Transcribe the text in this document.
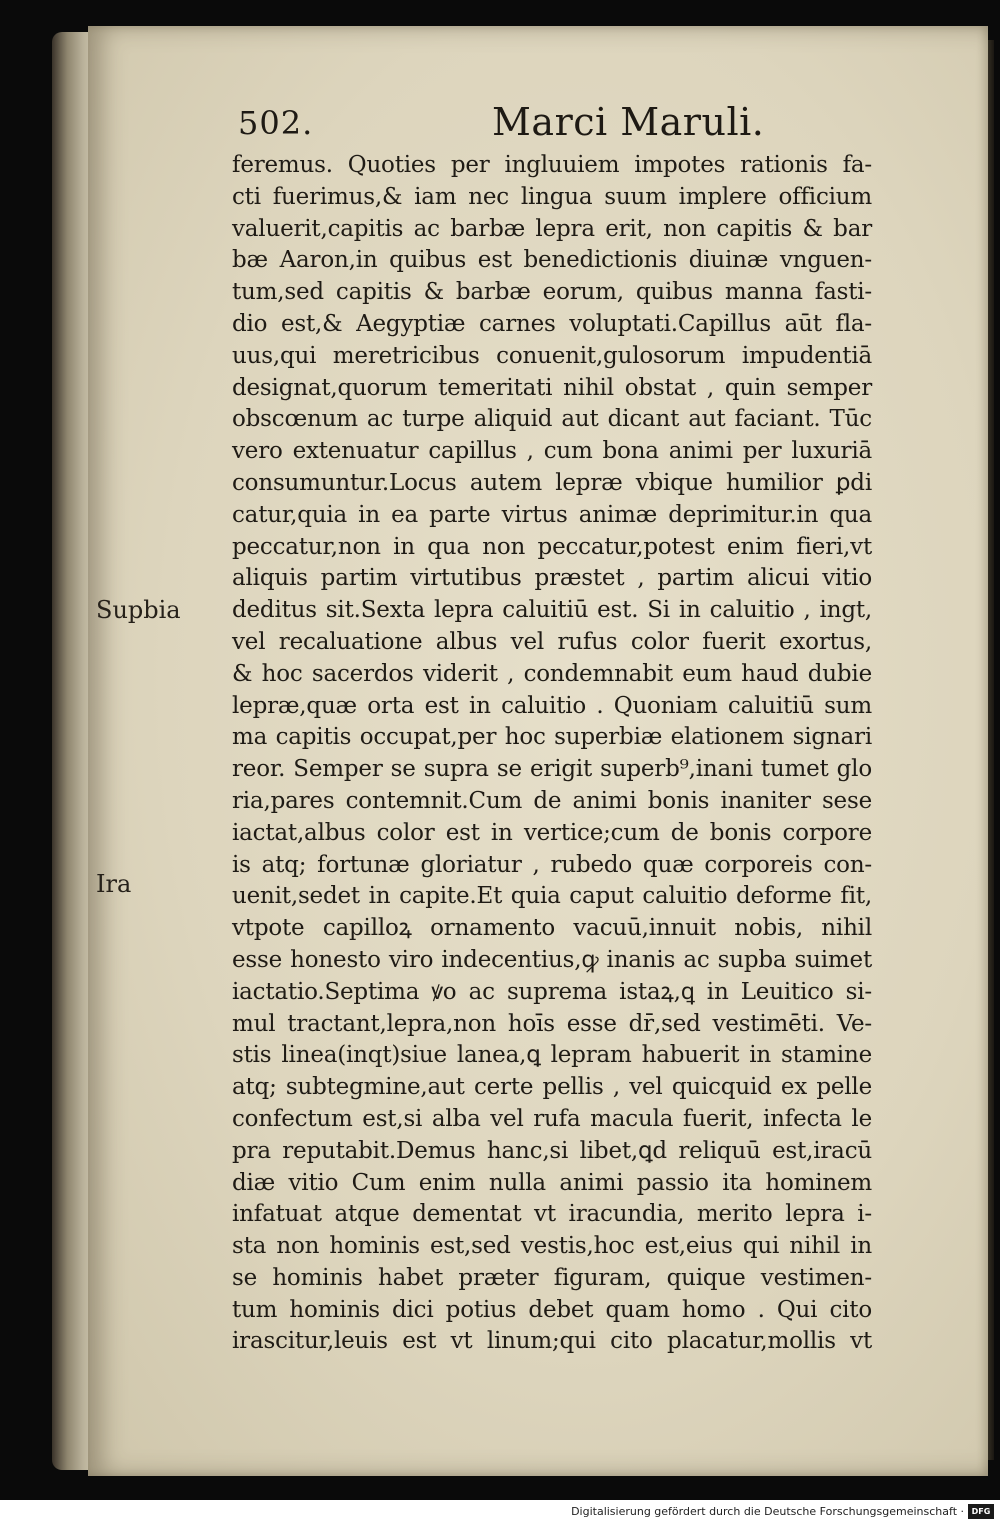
502.	Marci Maruli.
Supbia
Ira
feremus. Quoties per ingluuiem impotes rationis fa-
cti fuerimus,& iam nec lingua suum implere officium
valuerit,capitis ac barbæ lepra erit, non capitis & bar
bæ Aaron,in quibus est benedictionis diuinæ vnguen-
tum,sed capitis & barbæ eorum, quibus manna fasti-
dio est,& Aegyptiæ carnes voluptati.Capillus aūt fla-
uus,qui meretricibus conuenit,gulosorum impudentiā
designat,quorum temeritati nihil obstat , quin semper
obscœnum ac turpe aliquid aut dicant aut faciant. Tūc
vero extenuatur capillus , cum bona animi per luxuriā
consumuntur.Locus autem lepræ vbique humilior ꝑdi
catur,quia in ea parte virtus animæ deprimitur.in qua
peccatur,non in qua non peccatur,potest enim fieri,vt
aliquis partim virtutibus præstet , partim alicui vitio
deditus sit.Sexta lepra caluitiū est. Si in caluitio , ingt,
vel recaluatione albus vel rufus color fuerit exortus,
& hoc sacerdos viderit , condemnabit eum haud dubie
lepræ,quæ orta est in caluitio . Quoniam caluitiū sum
ma capitis occupat,per hoc superbiæ elationem signari
reor. Semper se supra se erigit superb⁹,inani tumet glo
ria,pares contemnit.Cum de animi bonis inaniter sese
iactat,albus color est in vertice;cum de bonis corpore
is atq; fortunæ gloriatur , rubedo quæ corporeis con-
uenit,sedet in capite.Et quia caput caluitio deforme fit,
vtpote capilloꝝ ornamento vacuū,innuit nobis, nihil
esse honesto viro indecentius,ꝙ inanis ac supba suimet
iactatio.Septima ꝟo ac suprema istaꝝ,ꝗ in Leuitico si-
mul tractant,lepra,non hoīs esse dr̄,sed vestimēti. Ve-
stis linea(inqt)siue lanea,ꝗ lepram habuerit in stamine
atq; subtegmine,aut certe pellis , vel quicquid ex pelle
confectum est,si alba vel rufa macula fuerit, infecta le
pra reputabit.Demus hanc,si libet,ꝗd reliquū est,iracū
diæ vitio Cum enim nulla animi passio ita hominem
infatuat atque dementat vt iracundia, merito lepra i-
sta non hominis est,sed vestis,hoc est,eius qui nihil in
se hominis habet præter figuram, quique vestimen-
tum hominis dici potius debet quam homo . Qui cito
irascitur,leuis est vt linum;qui cito placatur,mollis vt
Digitalisierung gefördert durch die Deutsche Forschungsgemeinschaft · DFG
